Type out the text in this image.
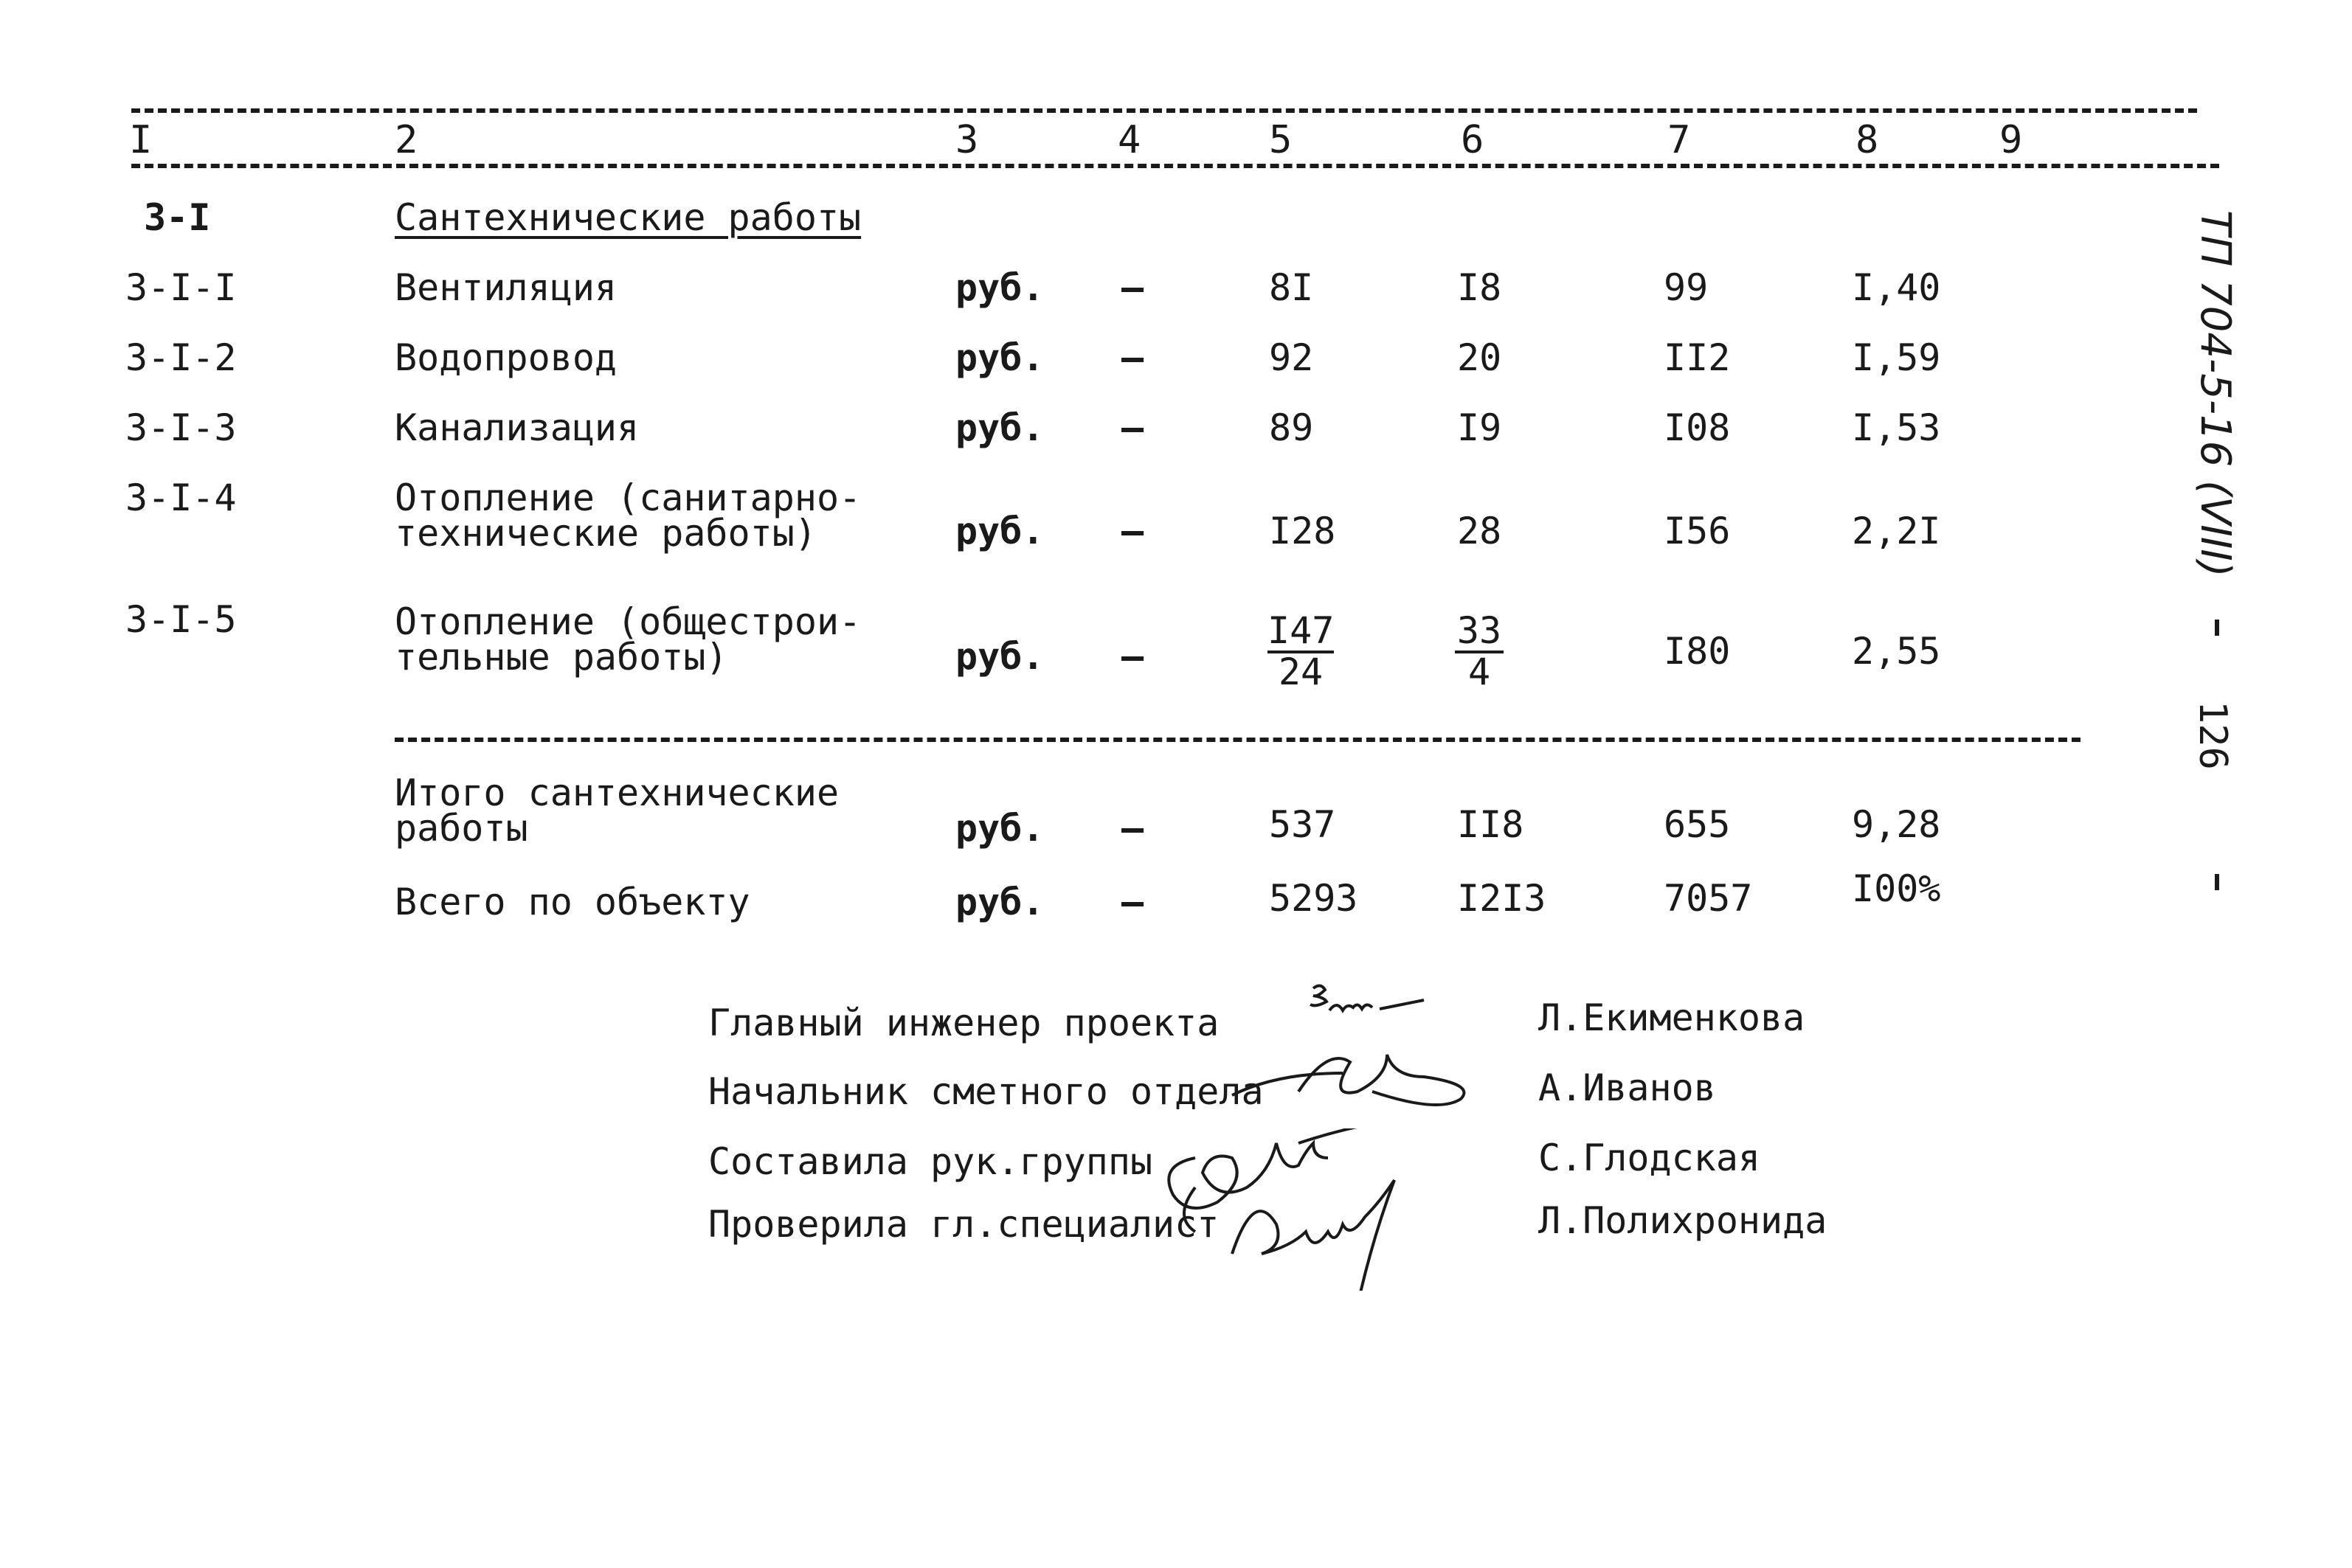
I	2	3	4	5	6	7	8	9
3-I	Сантехнические работы
3-I-I	Вентиляция	руб. –	8I	I8	99	I,40
3-I-2	Водопровод	руб. –	92	20	II2	I,59
3-I-3	Канализация	руб. –	89	I9	I08	I,53
3-I-4	Отопление (санитарно-
технические работы)	руб. –	I28	28	I56	2,2I
3-I-5	Отопление (общестрои-
тельные работы)	руб. –	$\frac{I47}{24}$	$\frac{33}{4}$	I80	2,55
Итого сантехнические
работы	руб. –	537	II8	655	9,28
Всего по объекту	руб. –	5293	I2I3	7057	I00%
Главный инженер проекта	Л.Екименкова
Начальник сметного отдела	А.Иванов
Составила рук.группы	С.Глодская
Проверила гл.специалист	Л.Полихронида
ТП 704-5-16 (VIII)
126
